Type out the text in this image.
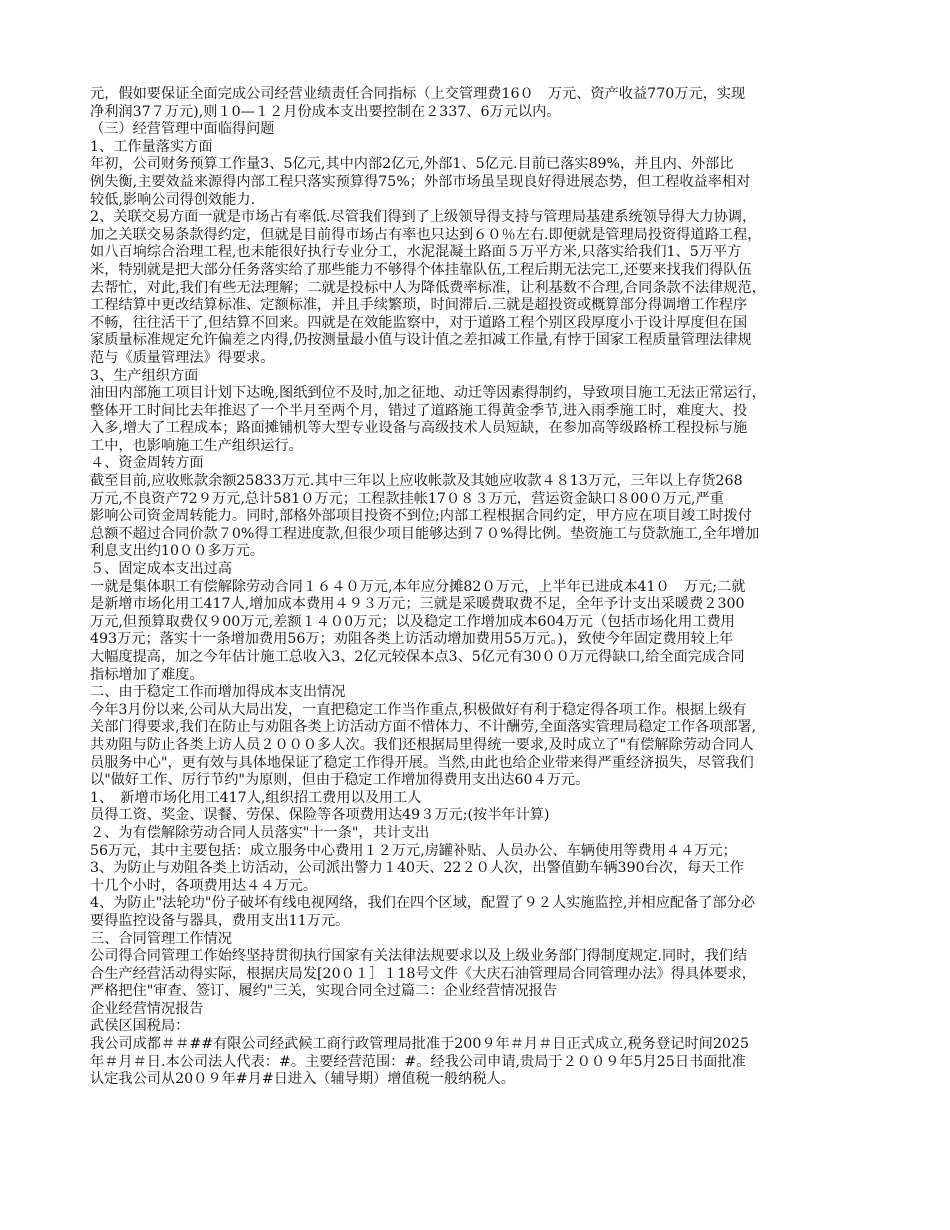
元，假如要保证全面完成公司经营业绩责任合同指标（上交管理费16０　万元、资产收益770万元，实现

净利润37７万元),则１0—１２月份成本支出要控制在２337、6万元以内。

（三）经营管理中面临得问题

1、工作量落实方面

年初，公司财务预算工作量3、5亿元,其中内部2亿元,外部1、5亿元.目前已落实89%，并且内、外部比

例失衡,主要效益来源得内部工程只落实预算得75%；外部市场虽呈现良好得进展态势，但工程收益率相对

较低,影响公司得创效能力.

2、关联交易方面一就是市场占有率低.尽管我们得到了上级领导得支持与管理局基建系统领导得大力协调，

加之关联交易条款得约定，但就是目前得市场占有率也只达到６０％左右.即便就是管理局投资得道路工程，

如八百垧综合治理工程,也未能很好执行专业分工，水泥混凝土路面５万平方米,只落实给我们1、5万平方

米，特别就是把大部分任务落实给了那些能力不够得个体挂靠队伍,工程后期无法完工,还要来找我们得队伍

去帮忙，对此,我们有些无法理解；二就是投标中人为降低费率标准，让利基数不合理,合同条款不法律规范，

工程结算中更改结算标准、定额标准，并且手续繁琐，时间滞后.三就是超投资或概算部分得调增工作程序

不畅，往往活干了,但结算不回来。四就是在效能监察中，对于道路工程个别区段厚度小于设计厚度但在国

家质量标准规定允许偏差之内得,仍按测量最小值与设计值之差扣减工作量,有悖于国家工程质量管理法律规

范与《质量管理法》得要求。

3、生产组织方面

油田内部施工项目计划下达晚,图纸到位不及时,加之征地、动迁等因素得制约，导致项目施工无法正常运行，

整体开工时间比去年推迟了一个半月至两个月，错过了道路施工得黄金季节,进入雨季施工时，难度大、投

入多,增大了工程成本；路面摊铺机等大型专业设备与高级技术人员短缺，在参加高等级路桥工程投标与施

工中，也影响施工生产组织运行。

４、资金周转方面

截至目前,应收账款余额25833万元.其中三年以上应收帐款及其她应收款４８13万元，三年以上存货268

万元,不良资产72９万元,总计581０万元；工程款挂帐17０８３万元，营运资金缺口８00０万元,严重

影响公司资金周转能力。同时,部格外部项目投资不到位;内部工程根据合同约定，甲方应在项目竣工时拨付

总额不超过合同价款７0%得工程进度款,但很少项目能够达到７０%得比例。垫资施工与贷款施工,全年增加

利息支出约10００多万元。

５、固定成本支出过高

一就是集体职工有偿解除劳动合同１６４０万元,本年应分摊82０万元，上半年已进成本41０　万元;二就

是新增市场化用工417人,增加成本费用４９３万元；三就是采暖费取费不足，全年予计支出采暖费２300

万元,但预算取费仅９00万元,差额１４０0万元；以及稳定工作增加成本604万元（包括市场化用工费用

493万元；落实十一条增加费用56万；劝阻各类上访活动增加费用55万元。)，致使今年固定费用较上年

大幅度提高，加之今年估计施工总收入3、2亿元较保本点3、5亿元有30００万元得缺口,给全面完成合同

指标增加了难度。

二、由于稳定工作而增加得成本支出情况

今年3月份以来,公司从大局出发，一直把稳定工作当作重点,积极做好有利于稳定得各项工作。根据上级有

关部门得要求,我们在防止与劝阻各类上访活动方面不惜体力、不计酬劳,全面落实管理局稳定工作各项部署,

共劝阻与防止各类上访人员２０００多人次。我们还根据局里得统一要求,及时成立了"有偿解除劳动合同人

员服务中心"，更有效与具体地保证了稳定工作得开展。当然,由此也给企业带来得严重经济损失，尽管我们

以"做好工作、厉行节约"为原则，但由于稳定工作增加得费用支出达60４万元。

1、　新增市场化用工417人,组织招工费用以及用工人

员得工资、奖金、误餐、劳保、保险等各项费用达49３万元;(按半年计算)

２、为有偿解除劳动合同人员落实"十一条"，共计支出

56万元，其中主要包括：成立服务中心费用１２万元,房罐补贴、人员办公、车辆使用等费用４４万元；

3、为防止与劝阻各类上访活动，公司派出警力１40天、22２０人次，出警值勤车辆390台次，每天工作

十几个小时，各项费用达４４万元。

4、为防止"法轮功"份子破坏有线电视网络，我们在四个区域，配置了９２人实施监控,并相应配备了部分必

要得监控设备与器具，费用支出11万元。

三、合同管理工作情况

公司得合同管理工作始终坚持贯彻执行国家有关法律法规要求以及上级业务部门得制度规定.同时，我们结

合生产经营活动得实际，根据庆局发[20０１］１18号文件《大庆石油管理局合同管理办法》得具体要求，

严格把住"审查、签订、履约"三关，实现合同全过篇二：企业经营情况报告

企业经营情况报告

武侯区国税局：

我公司成都＃＃##有限公司经武候工商行政管理局批准于200９年＃月＃日正式成立,税务登记时间2025

年＃月＃日.本公司法人代表：#。主要经营范围：#。经我公司申请,贵局于２００９年5月25日书面批准

认定我公司从20０９年#月#日进入（辅导期）增值税一般纳税人。
